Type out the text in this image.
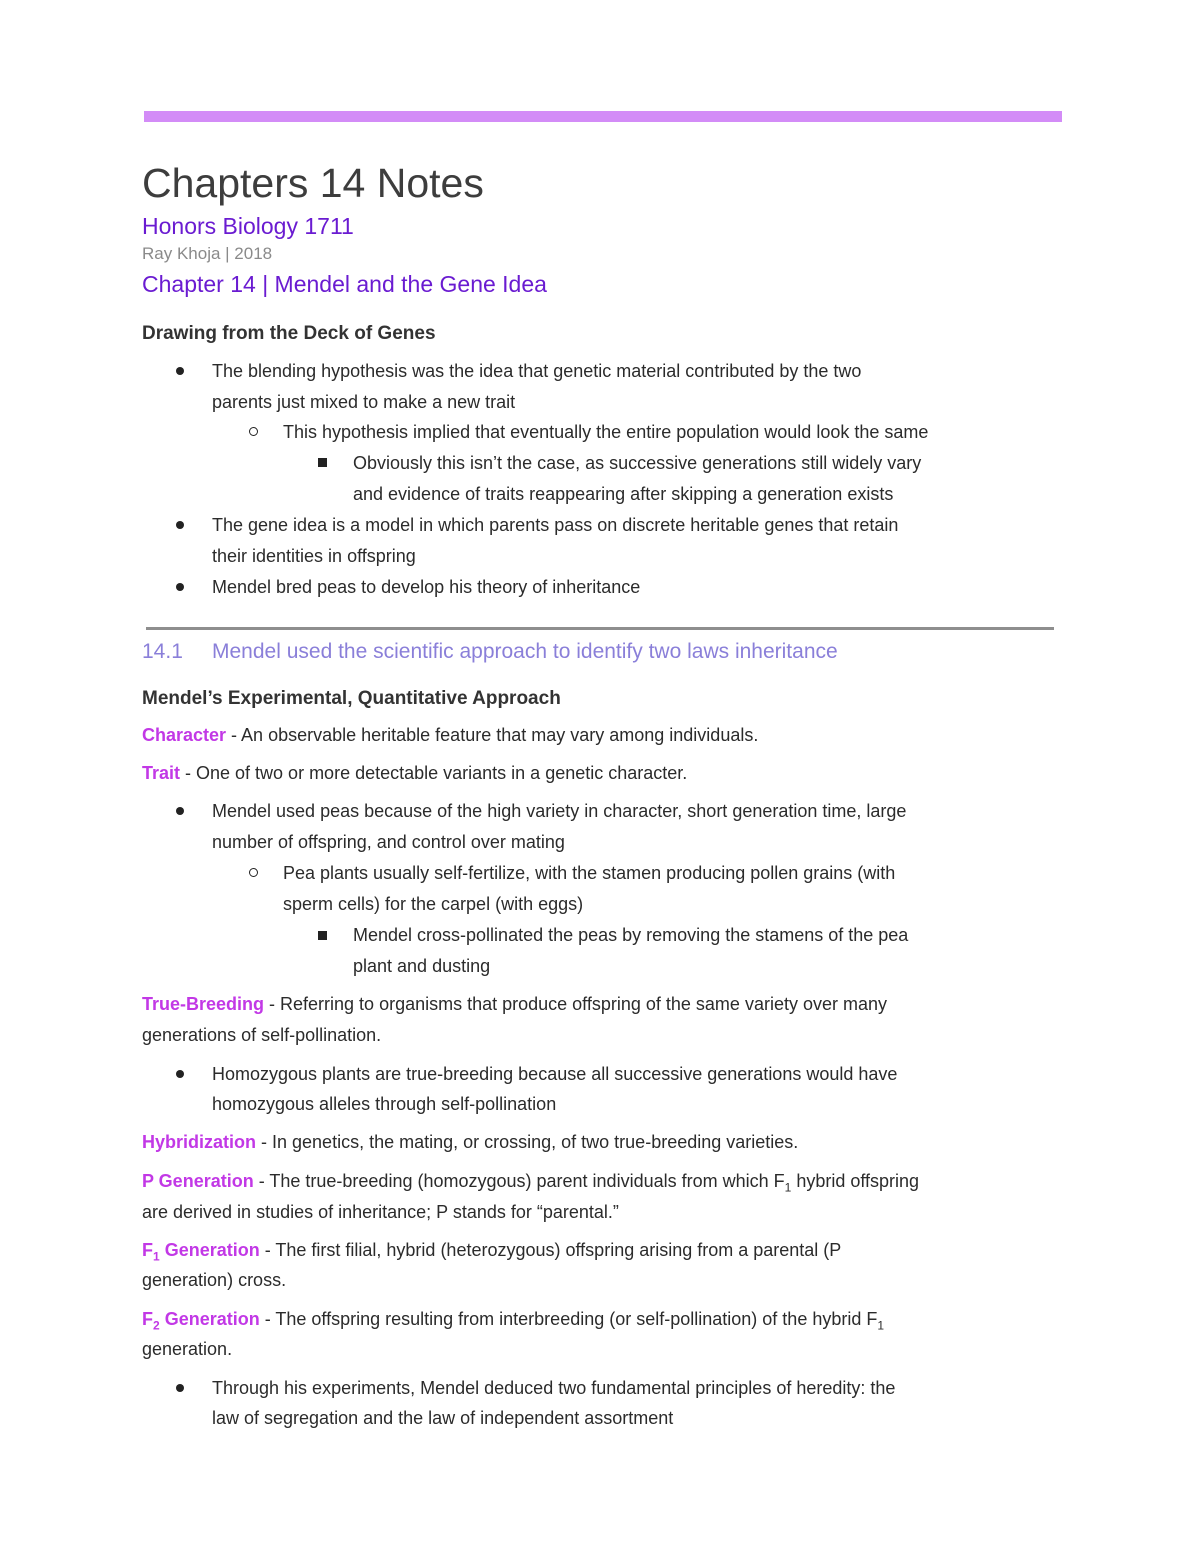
Chapters 14 Notes
Honors Biology 1711
Ray Khoja | 2018
Chapter 14 | Mendel and the Gene Idea
Drawing from the Deck of Genes
The blending hypothesis was the idea that genetic material contributed by the two
parents just mixed to make a new trait
This hypothesis implied that eventually the entire population would look the same
Obviously this isn’t the case, as successive generations still widely vary
and evidence of traits reappearing after skipping a generation exists
The gene idea is a model in which parents pass on discrete heritable genes that retain
their identities in offspring
Mendel bred peas to develop his theory of inheritance
14.1 Mendel used the scientific approach to identify two laws inheritance
Mendel’s Experimental, Quantitative Approach
Character - An observable heritable feature that may vary among individuals.
Trait - One of two or more detectable variants in a genetic character.
Mendel used peas because of the high variety in character, short generation time, large
number of offspring, and control over mating
Pea plants usually self-fertilize, with the stamen producing pollen grains (with
sperm cells) for the carpel (with eggs)
Mendel cross-pollinated the peas by removing the stamens of the pea
plant and dusting
True-Breeding - Referring to organisms that produce offspring of the same variety over many
generations of self-pollination.
Homozygous plants are true-breeding because all successive generations would have
homozygous alleles through self-pollination
Hybridization - In genetics, the mating, or crossing, of two true-breeding varieties.
P Generation - The true-breeding (homozygous) parent individuals from which $F_1$ hybrid offspring
are derived in studies of inheritance; P stands for “parental.”
$F_1$ Generation - The first filial, hybrid (heterozygous) offspring arising from a parental (P
generation) cross.
$F_2$ Generation - The offspring resulting from interbreeding (or self-pollination) of the hybrid $F_1$
generation.
Through his experiments, Mendel deduced two fundamental principles of heredity: the
law of segregation and the law of independent assortment
